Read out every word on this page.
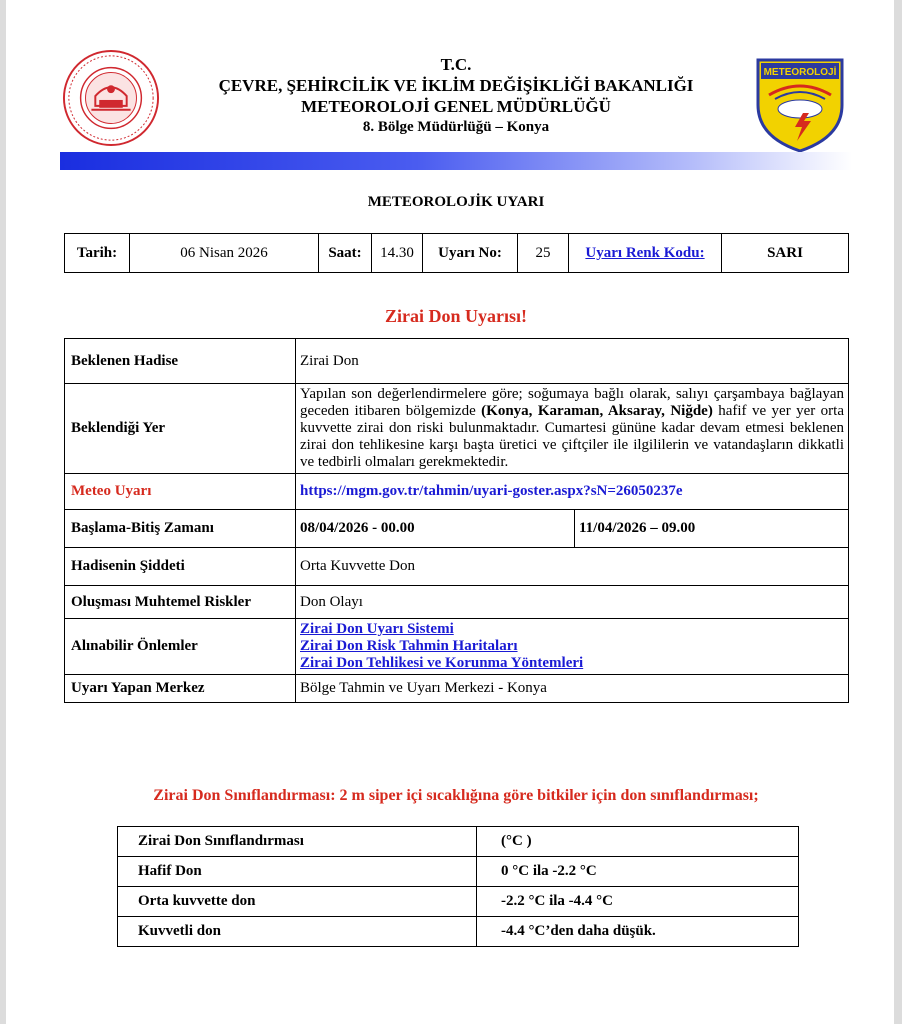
T.C.
ÇEVRE, ŞEHİRCİLİK VE İKLİM DEĞİŞİKLİĞİ BAKANLIĞI
METEOROLOJİ GENEL MÜDÜRLÜĞÜ
8. Bölge Müdürlüğü – Konya
METEOROLOJİ
METEOROLOJİK UYARI
Tarih:	06 Nisan 2026	Saat:	14.30	Uyarı No:	25	Uyarı Renk Kodu:	SARI
Zirai Don Uyarısı!
Beklenen Hadise	Zirai Don	
Beklendiği Yer	Yapılan son değerlendirmelere göre; soğumaya bağlı olarak, salıyı çarşambaya bağlayan geceden itibaren bölgemizde (Konya, Karaman, Aksaray, Niğde) hafif ve yer yer orta kuvvette zirai don riski bulunmaktadır. Cumartesi gününe kadar devam etmesi beklenen zirai don tehlikesine karşı başta üretici ve çiftçiler ile ilgililerin ve vatandaşların dikkatli ve tedbirli olmaları gerekmektedir.	
Meteo Uyarı	https://mgm.gov.tr/tahmin/uyari-goster.aspx?sN=26050237e	
Başlama-Bitiş Zamanı	08/04/2026 - 00.00	11/04/2026 – 09.00
Hadisenin Şiddeti	Orta Kuvvette Don	
Oluşması Muhtemel Riskler	Don Olayı	
Alınabilir Önlemler	Zirai Don Uyarı Sistemi
Zirai Don Risk Tahmin Haritaları
Zirai Don Tehlikesi ve Korunma Yöntemleri	

Uyarı Yapan Merkez	Bölge Tahmin ve Uyarı Merkezi - Konya	
Zirai Don Sınıflandırması: 2 m siper içi sıcaklığına göre bitkiler için don sınıflandırması;
Zirai Don Sınıflandırması	(°C )
Hafif Don	0 °C ila -2.2 °C
Orta kuvvette don	-2.2 °C ila -4.4 °C
Kuvvetli don	-4.4 °C’den daha düşük.
